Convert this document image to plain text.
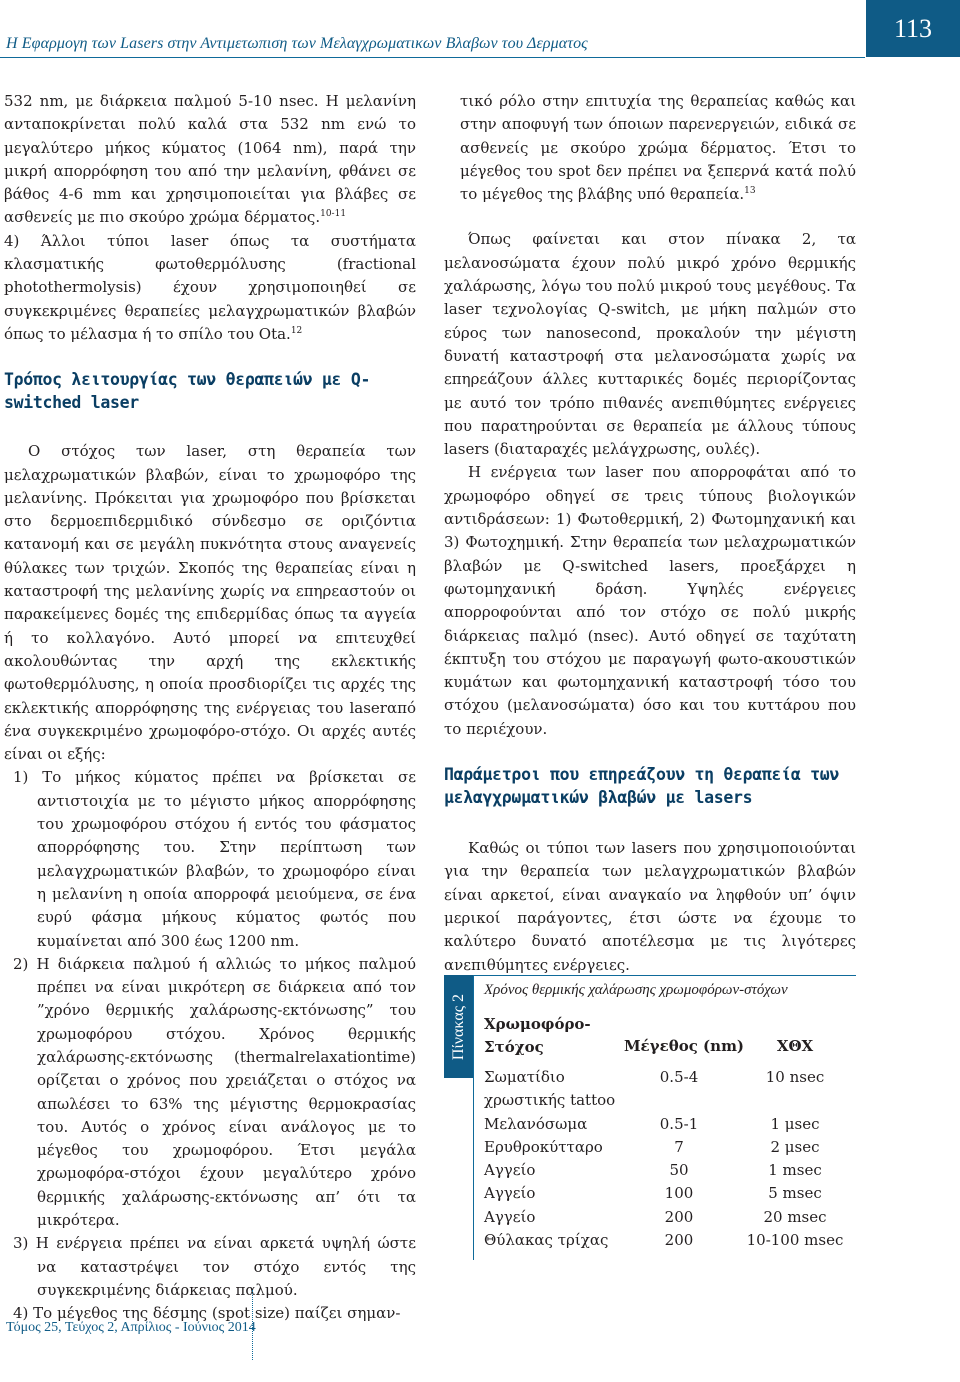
Η Εφαρμογη των Lasers στην Αντιμετωπιση των Μελαγχρωματικων Βλαβων του Δερματος
113

532 nm, με διάρκεια παλμού 5-10 nsec. Η μελανίνη ανταποκρίνεται πολύ καλά στα 532 nm ενώ το μεγαλύτερο μήκος κύματος (1064 nm), παρά την μικρή απορρόφηση του από την μελανίνη, φθάνει σε βάθος 4-6 mm και χρησιμοποιείται για βλάβες σε ασθενείς με πιο σκούρο χρώμα δέρματος.$^{10-11}$

4) Άλλοι τύποι laser όπως τα συστήματα κλασματικής φωτοθερμόλυσης (fractional photothermolysis) έχουν χρησιμοποιηθεί σε συγκεκριμένες θεραπείες μελαγχρωματικών βλαβών όπως το μέλασμα ή το σπίλο του Ota.$^{12}$

Τρόπος λειτουργίας των θεραπειών με Q-switched laser

Ο στόχος των laser, στη θεραπεία των μελαχρωματικών βλαβών, είναι το χρωμοφόρο της μελανίνης. Πρόκειται για χρωμοφόρο που βρίσκεται στο δερμοεπιδερμιδικό σύνδεσμο σε οριζόντια κατανομή και σε μεγάλη πυκνότητα στους αναγενείς θύλακες των τριχών. Σκοπός της θεραπείας είναι η καταστροφή της μελανίνης χωρίς να επηρεαστούν οι παρακείμενες δομές της επιδερμίδας όπως τα αγγεία ή το κολλαγόνο. Αυτό μπορεί να επιτευχθεί ακολουθώντας την αρχή της εκλεκτικής φωτοθερμόλυσης, η οποία προσδιορίζει τις αρχές της εκλεκτικής απορρόφησης της ενέργειας του laserαπό ένα συγκεκριμένο χρωμοφόρο-στόχο. Οι αρχές αυτές είναι οι εξής:

1) Το μήκος κύματος πρέπει να βρίσκεται σε αντιστοιχία με το μέγιστο μήκος απορρόφησης του χρωμοφόρου στόχου ή εντός του φάσματος απορρόφησης του. Στην περίπτωση των μελαγχρωματικών βλαβών, το χρωμοφόρο είναι η μελανίνη η οποία απορροφά μειούμενα, σε ένα ευρύ φάσμα μήκους κύματος φωτός που κυμαίνεται από 300 έως 1200 nm.

2) Η διάρκεια παλμού ή αλλιώς το μήκος παλμού πρέπει να είναι μικρότερη σε διάρκεια από τον ”χρόνο θερμικής χαλάρωσης-εκτόνωσης” του χρωμοφόρου στόχου. Χρόνος θερμικής χαλάρωσης-εκτόνωσης (thermalrelaxationtime) ορίζεται ο χρόνος που χρειάζεται ο στόχος να απωλέσει το 63% της μέγιστης θερμοκρασίας του. Αυτός ο χρόνος είναι ανάλογος με το μέγεθος του χρωμοφόρου. Έτσι μεγάλα χρωμοφόρα-στόχοι έχουν μεγαλύτερο χρόνο θερμικής χαλάρωσης-εκτόνωσης απ’ ότι τα μικρότερα.

3) Η ενέργεια πρέπει να είναι αρκετά υψηλή ώστε να καταστρέψει τον στόχο εντός της συγκεκριμένης διάρκειας παλμού.

4) Το μέγεθος της δέσμης (spot size) παίζει σημαν-

τικό ρόλο στην επιτυχία της θεραπείας καθώς και στην αποφυγή των όποιων παρενεργειών, ειδικά σε ασθενείς με σκούρο χρώμα δέρματος. Έτσι το μέγεθος του spot δεν πρέπει να ξεπερνά κατά πολύ το μέγεθος της βλάβης υπό θεραπεία.$^{13}$

Όπως φαίνεται και στον πίνακα 2, τα μελανοσώματα έχουν πολύ μικρό χρόνο θερμικής χαλάρωσης, λόγω του πολύ μικρού τους μεγέθους. Τα laser τεχνολογίας Q-switch, με μήκη παλμών στο εύρος των nanosecond, προκαλούν την μέγιστη δυνατή καταστροφή στα μελανοσώματα χωρίς να επηρεάζουν άλλες κυτταρικές δομές περιορίζοντας με αυτό τον τρόπο πιθανές ανεπιθύμητες ενέργειες που παρατηρούνται σε θεραπεία με άλλους τύπους lasers (διαταραχές μελάγχρωσης, ουλές).

Η ενέργεια των laser που απορροφάται από το χρωμοφόρο οδηγεί σε τρεις τύπους βιολογικών αντιδράσεων: 1) Φωτοθερμική, 2) Φωτομηχανική και 3) Φωτοχημική. Στην θεραπεία των μελαχρωματικών βλαβών με Q-switched lasers, προεξάρχει η φωτομηχανική δράση. Υψηλές ενέργειες απορροφούνται από τον στόχο σε πολύ μικρής διάρκειας παλμό (nsec). Αυτό οδηγεί σε ταχύτατη έκπτυξη του στόχου με παραγωγή φωτο-ακουστικών κυμάτων και φωτομηχανική καταστροφή τόσο του στόχου (μελανοσώματα) όσο και του κυττάρου που το περιέχουν.

Παράμετροι που επηρεάζουν τη θεραπεία των μελαγχρωματικών βλαβών με lasers

Καθώς οι τύποι των lasers που χρησιμοποιούνται για την θεραπεία των μελαγχρωματικών βλαβών είναι αρκετοί, είναι αναγκαίο να ληφθούν υπ’ όψιν μερικοί παράγοντες, έτσι ώστε να έχουμε το καλύτερο δυνατό αποτέλεσμα με τις λιγότερες ανεπιθύμητες ενέργειες.

Πίνακας 2
Χρόνος θερμικής χαλάρωσης χρωμοφόρων-στόχων
Χρωμοφόρο-Στόχος	Μέγεθος (nm)	ΧΘΧ
Σωματίδιο	0.5-4	10 nsec
χρωστικής tattoo
Μελανόσωμα	0.5-1	1 μsec
Ερυθροκύτταρο	7	2 μsec
Αγγείο	50	1 msec
Αγγείο	100	5 msec
Αγγείο	200	20 msec
Θύλακας τρίχας	200	10-100 msec
Τόμος 25, Τεύχος 2, Απρίλιος - Ιούνιος 2014
